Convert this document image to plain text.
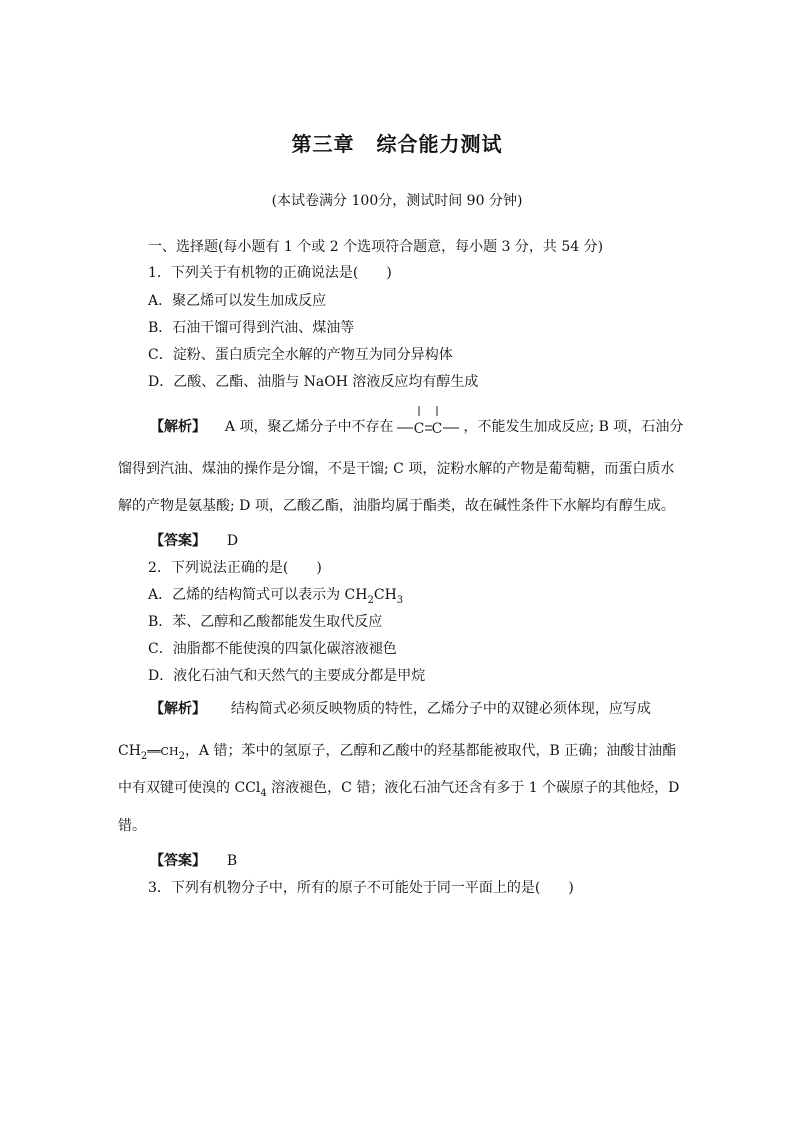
第三章 综合能力测试
(本试卷满分 100分，测试时间 90 分钟)
一、选择题(每小题有 1 个或 2 个选项符合题意，每小题 3 分，共 54 分)
1．下列关于有机物的正确说法是(　　)
A．聚乙烯可以发生加成反应
B．石油干馏可得到汽油、煤油等
C．淀粉、蛋白质完全水解的产物互为同分异构体
D．乙酸、乙酯、油脂与 NaOH 溶液反应均有醇生成
【解析】 A 项，聚乙烯分子中不存在 C C ，不能发生加成反应; B 项，石油分
馏得到汽油、煤油的操作是分馏，不是干馏; C 项，淀粉水解的产物是葡萄糖，而蛋白质水
解的产物是氨基酸; D 项，乙酸乙酯，油脂均属于酯类，故在碱性条件下水解均有醇生成。
【答案】 D
2．下列说法正确的是(　　)
A．乙烯的结构简式可以表示为 $CH_2CH_3$
B．苯、乙醇和乙酸都能发生取代反应
C．油脂都不能使溴的四氯化碳溶液褪色
D．液化石油气和天然气的主要成分都是甲烷
【解析】 结构简式必须反映物质的特性，乙烯分子中的双键必须体现，应写成
$CH_2══CH_2$，A 错；苯中的氢原子，乙醇和乙酸中的羟基都能被取代，B 正确；油酸甘油酯
中有双键可使溴的 CCl$_4$ 溶液褪色，C 错；液化石油气还含有多于 1 个碳原子的其他烃，D
错。
【答案】 B
3．下列有机物分子中，所有的原子不可能处于同一平面上的是(　　)
